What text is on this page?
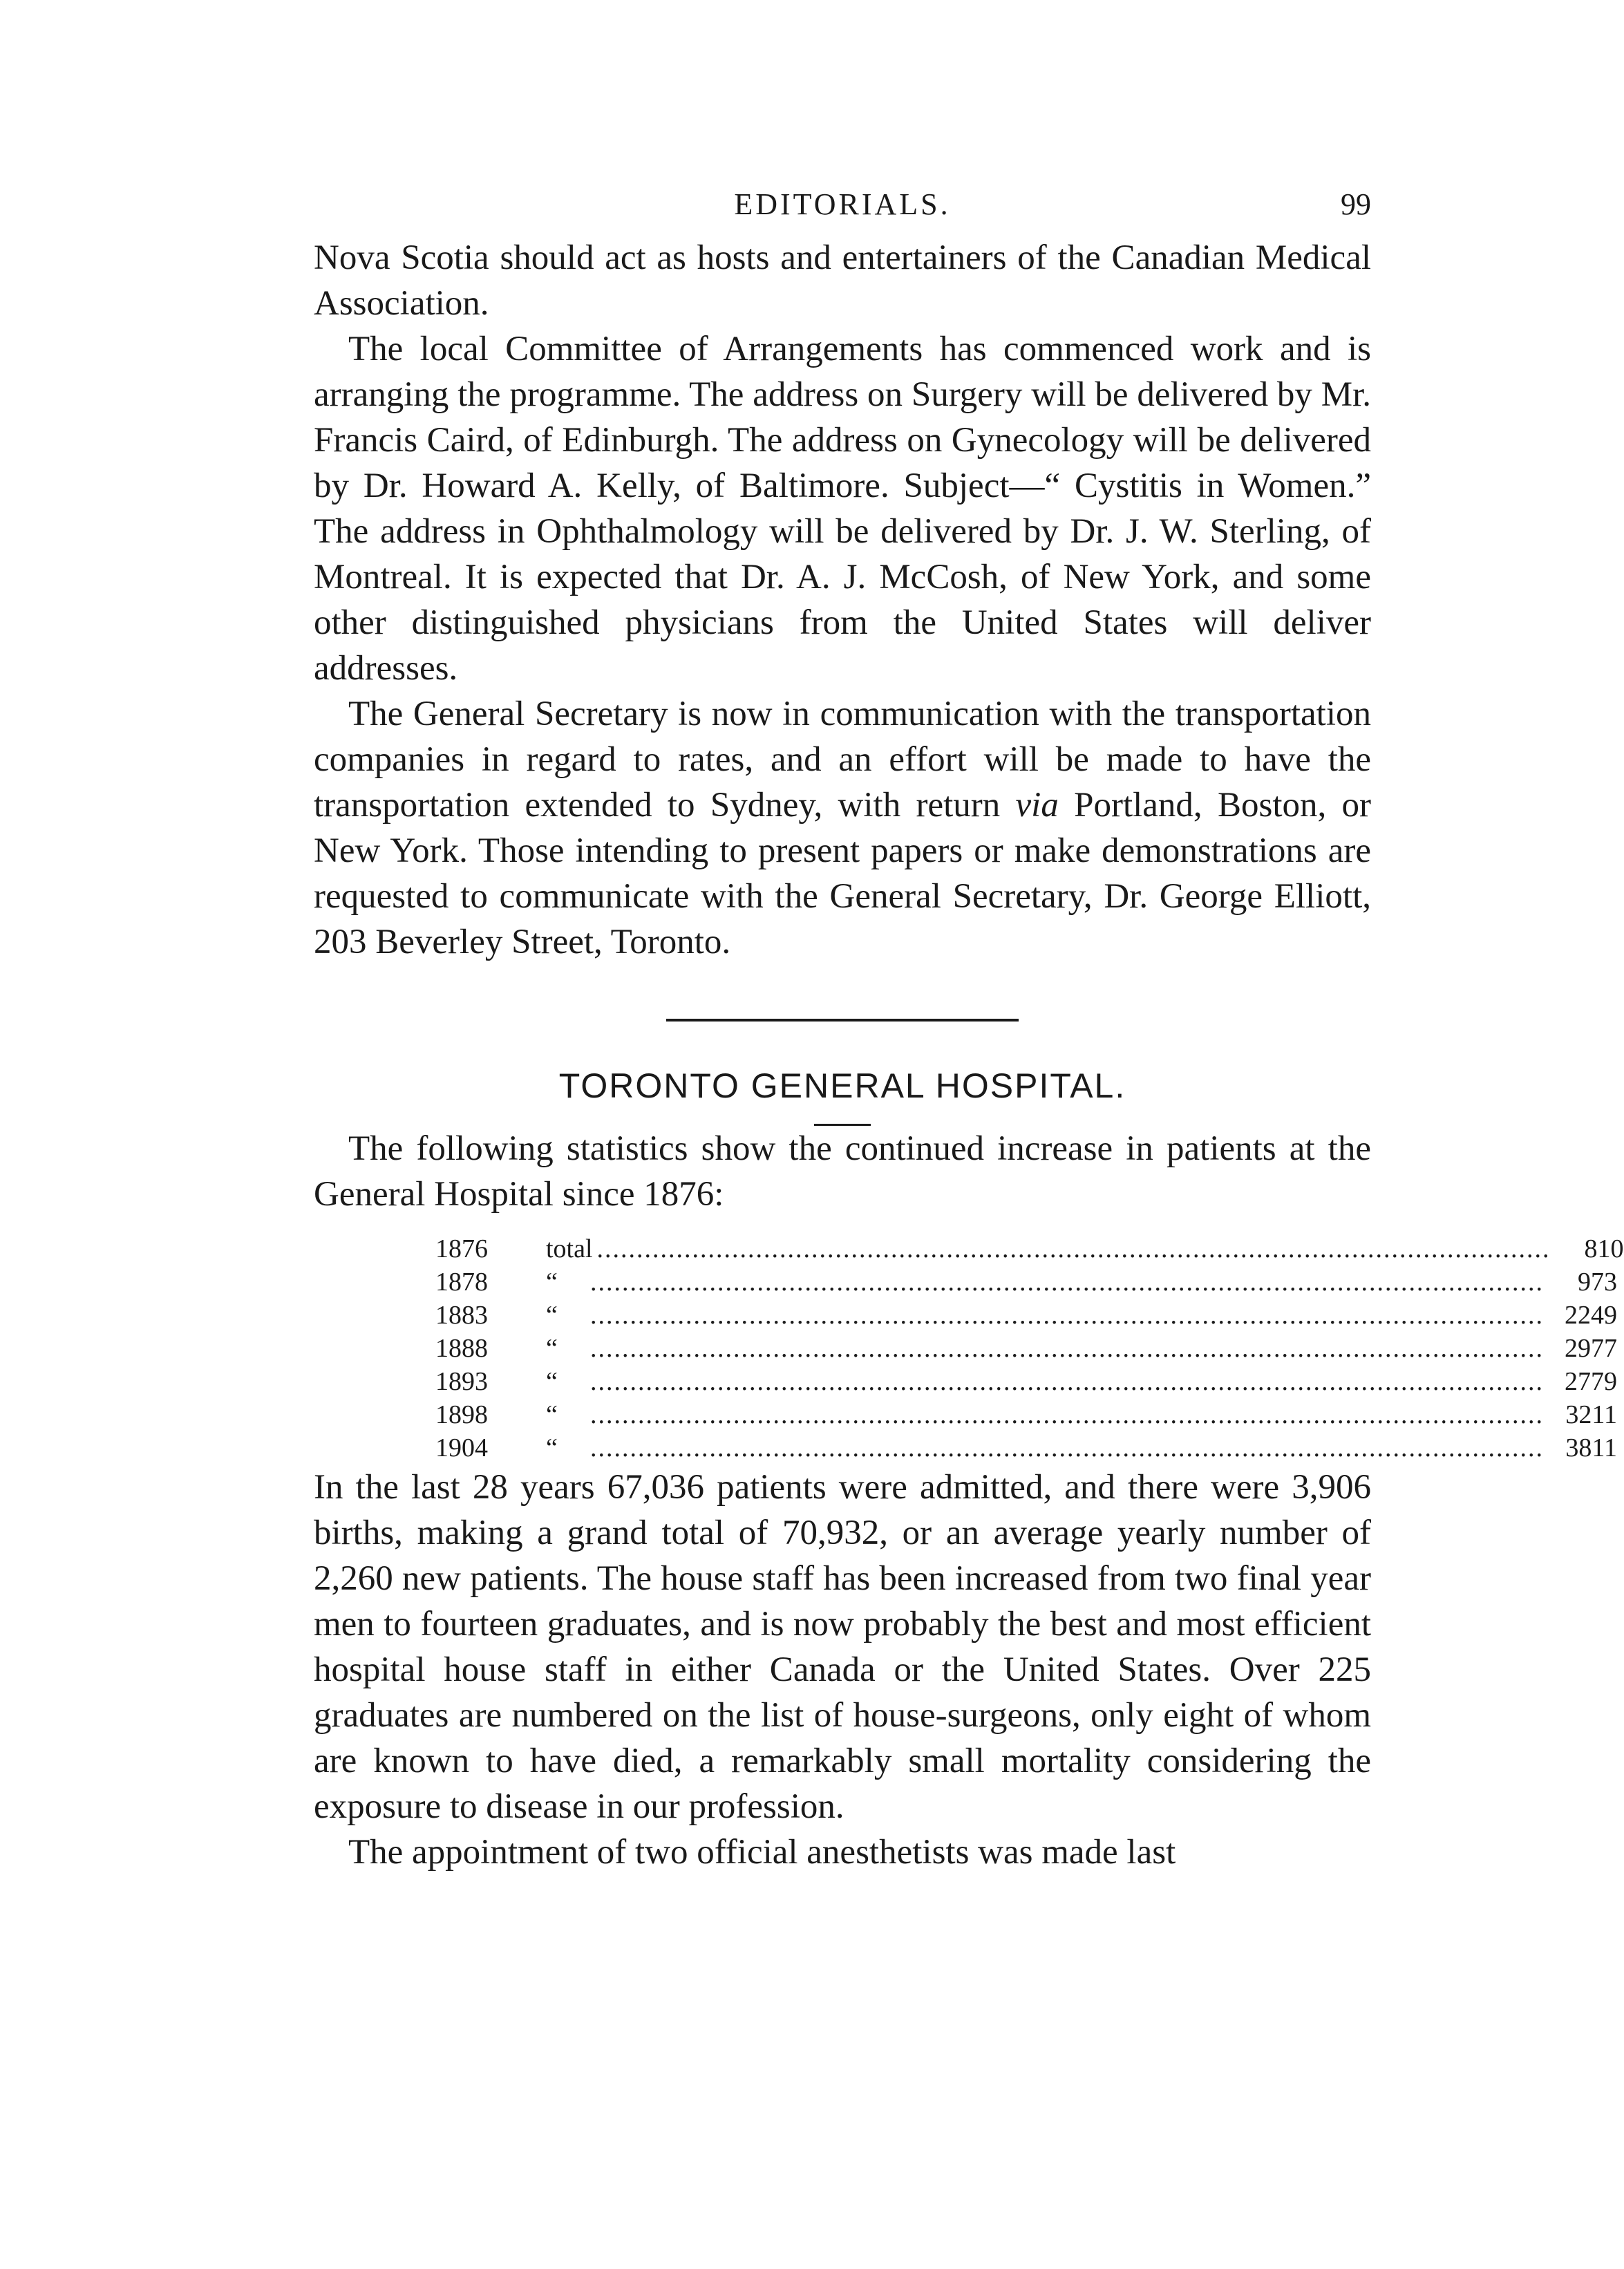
EDITORIALS.	99

Nova Scotia should act as hosts and entertainers of the Canadian Medical Association.

The local Committee of Arrangements has commenced work and is arranging the programme. The address on Surgery will be delivered by Mr. Francis Caird, of Edinburgh. The address on Gynecology will be delivered by Dr. Howard A. Kelly, of Baltimore. Subject—“ Cystitis in Women.” The address in Ophthalmology will be delivered by Dr. J. W. Sterling, of Montreal. It is expected that Dr. A. J. McCosh, of New York, and some other distinguished physicians from the United States will deliver addresses.

The General Secretary is now in communication with the transportation companies in regard to rates, and an effort will be made to have the transportation extended to Sydney, with return via Portland, Boston, or New York. Those intending to present papers or make demonstrations are requested to communicate with the General Secretary, Dr. George Elliott, 203 Beverley Street, Toronto.

TORONTO GENERAL HOSPITAL.

The following statistics show the continued increase in patients at the General Hospital since 1876:

1876	total ........................................................................................................................	810
1878	“	........................................................................................................................	973
1883	“	........................................................................................................................ 2249
1888	“	........................................................................................................................ 2977
1893	“	........................................................................................................................ 2779
1898	“	........................................................................................................................ 3211
1904	“	........................................................................................................................ 3811

In the last 28 years 67,036 patients were admitted, and there were 3,906 births, making a grand total of 70,932, or an average yearly number of 2,260 new patients. The house staff has been increased from two final year men to fourteen graduates, and is now probably the best and most efficient hospital house staff in either Canada or the United States. Over 225 graduates are numbered on the list of house-surgeons, only eight of whom are known to have died, a remarkably small mortality considering the exposure to disease in our profession.

The appointment of two official anesthetists was made last
